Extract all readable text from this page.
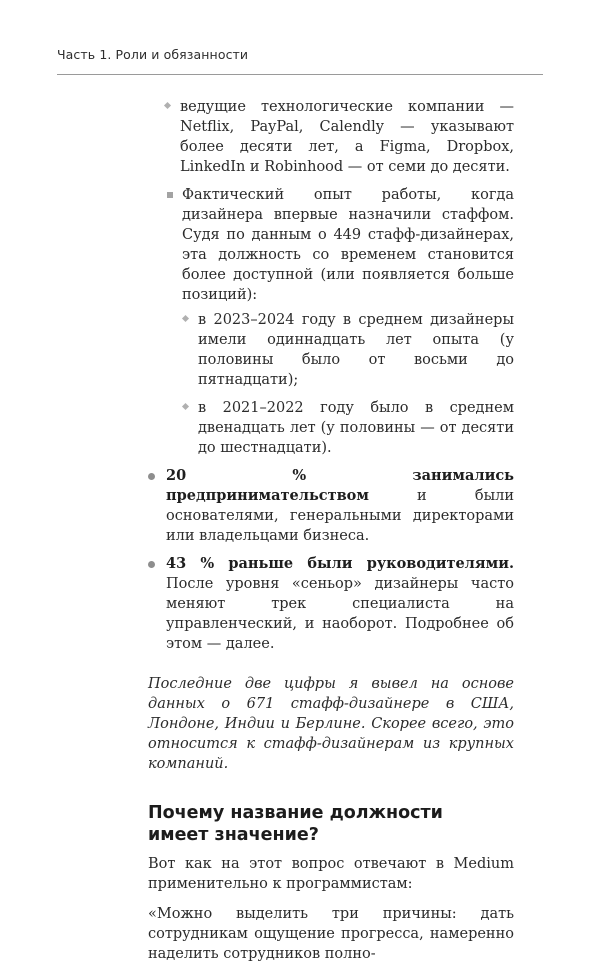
Часть 1. Роли и обязанности
ведущие технологические компании — Netflix, PayPal, Calendly — указывают более десяти лет, а Figma, Dropbox, LinkedIn и Robinhood — от семи до десяти.
Фактический опыт работы, когда дизайнера впервые назначили стаффом. Судя по данным о 449 стафф-дизайнерах, эта должность со временем становится более доступной (или появляется больше позиций):
в 2023–2024 году в среднем дизайнеры имели одиннадцать лет опыта (у половины было от восьми до пятнадцати);
в 2021–2022 году было в среднем двенадцать лет (у половины — от десяти до шестнадцати).
20 % занимались предпринимательством и были основателями, генеральными директорами или владельцами бизнеса.
43 % раньше были руководителями. После уровня «сеньор» дизайнеры часто меняют трек специалиста на управленческий, и наоборот. Подробнее об этом — далее.

Последние две цифры я вывел на основе данных о 671 стафф-дизайнере в США, Лондоне, Индии и Берлине. Скорее всего, это относится к стафф-дизайнерам из крупных компаний.

Почему название должности
имеет значение?

Вот как на этот вопрос отвечают в Medium применительно к программистам:

«Можно выделить три причины: дать сотрудникам ощущение прогресса, намеренно наделить сотрудников полно-
